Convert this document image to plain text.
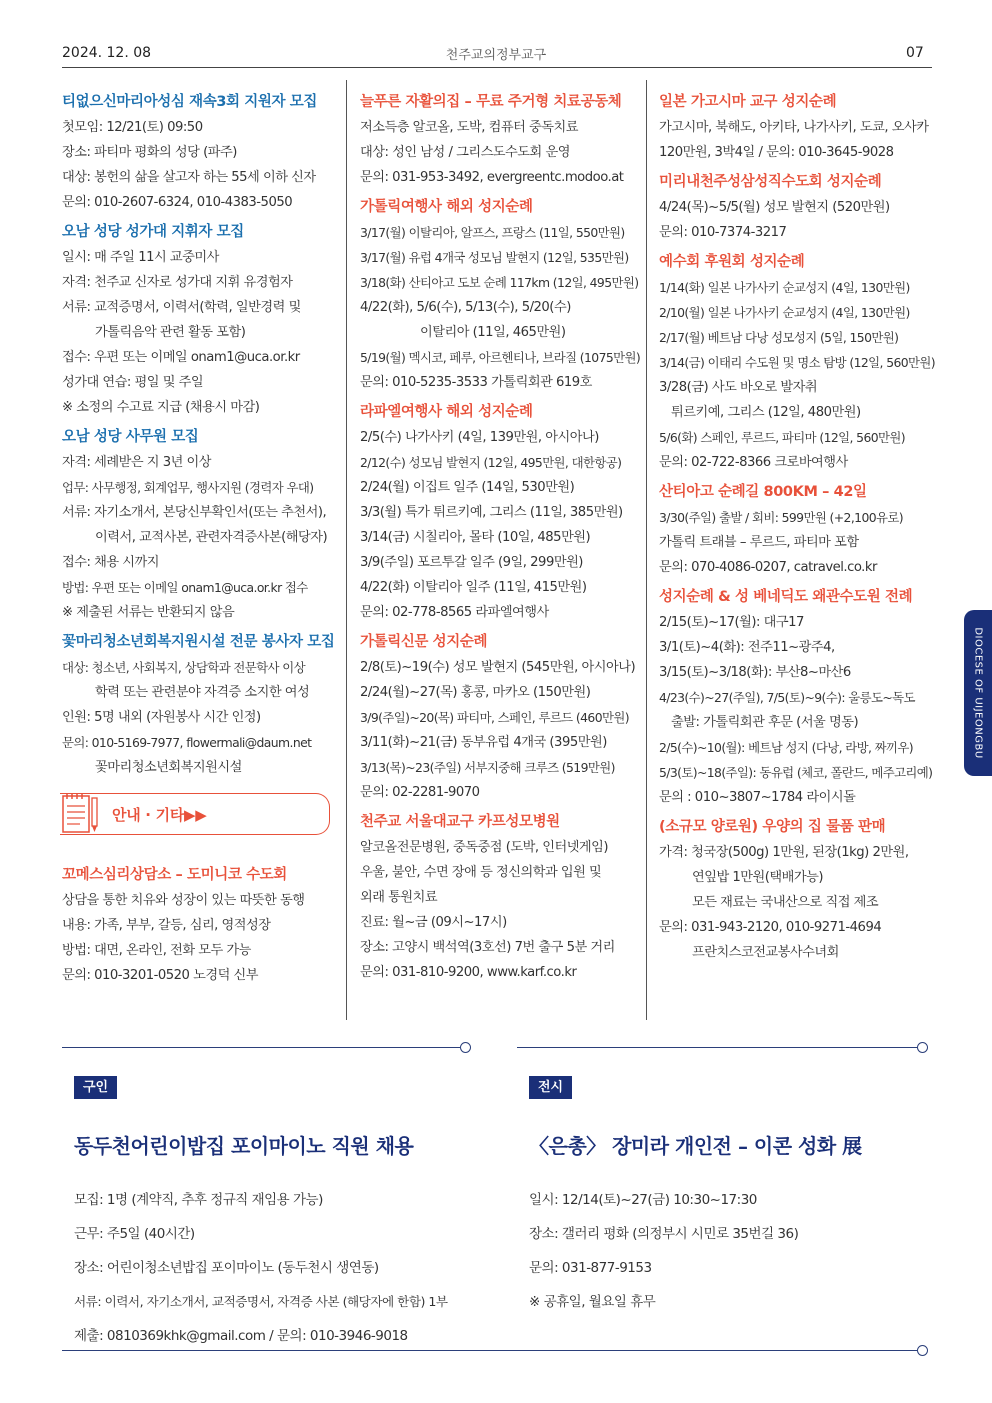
2024. 12. 08	천주교의정부교구	07
티없으신마리아성심 재속3회 지원자 모집
첫모임: 12/21(토) 09:50
장소: 파티마 평화의 성당 (파주)
대상: 봉헌의 삶을 살고자 하는 55세 이하 신자
문의: 010-2607-6324, 010-4383-5050
오남 성당 성가대 지휘자 모집
일시: 매 주일 11시 교중미사
자격: 천주교 신자로 성가대 지휘 유경험자
서류: 교적증명서, 이력서(학력, 일반경력 및
가톨릭음악 관련 활동 포함)
접수: 우편 또는 이메일 onam1@uca.or.kr
성가대 연습: 평일 및 주일
※ 소정의 수고료 지급 (채용시 마감)
오남 성당 사무원 모집
자격: 세례받은 지 3년 이상
업무: 사무행정, 회계업무, 행사지원 (경력자 우대)
서류: 자기소개서, 본당신부확인서(또는 추천서),
이력서, 교적사본, 관련자격증사본(해당자)
접수: 채용 시까지
방법: 우편 또는 이메일 onam1@uca.or.kr 접수
※ 제출된 서류는 반환되지 않음
꽃마리청소년회복지원시설 전문 봉사자 모집
대상: 청소년, 사회복지, 상담학과 전문학사 이상
학력 또는 관련분야 자격증 소지한 여성
인원: 5명 내외 (자원봉사 시간 인정)
문의: 010-5169-7977, flowermali@daum.net
꽃마리청소년회복지원시설
안내 · 기타▶▶
꼬메스심리상담소 – 도미니코 수도회
상담을 통한 치유와 성장이 있는 따뜻한 동행
내용: 가족, 부부, 갈등, 심리, 영적성장
방법: 대면, 온라인, 전화 모두 가능
문의: 010-3201-0520 노경덕 신부
늘푸른 자활의집 – 무료 주거형 치료공동체
저소득층 알코올, 도박, 컴퓨터 중독치료
대상: 성인 남성 / 그리스도수도회 운영
문의: 031-953-3492, evergreentc.modoo.at
가톨릭여행사 해외 성지순례
3/17(월) 이탈리아, 알프스, 프랑스 (11일, 550만원)
3/17(월) 유럽 4개국 성모님 발현지 (12일, 535만원)
3/18(화) 산티아고 도보 순례 117km (12일, 495만원)
4/22(화), 5/6(수), 5/13(수), 5/20(수)
이탈리아 (11일, 465만원)
5/19(월) 멕시코, 페루, 아르헨티나, 브라질 (1075만원)
문의: 010-5235-3533 가톨릭회관 619호
라파엘여행사 해외 성지순례
2/5(수) 나가사키 (4일, 139만원, 아시아나)
2/12(수) 성모님 발현지 (12일, 495만원, 대한항공)
2/24(월) 이집트 일주 (14일, 530만원)
3/3(월) 특가 튀르키예, 그리스 (11일, 385만원)
3/14(금) 시칠리아, 몰타 (10일, 485만원)
3/9(주일) 포르투갈 일주 (9일, 299만원)
4/22(화) 이탈리아 일주 (11일, 415만원)
문의: 02-778-8565 라파엘여행사
가톨릭신문 성지순례
2/8(토)~19(수) 성모 발현지 (545만원, 아시아나)
2/24(월)~27(목) 홍콩, 마카오 (150만원)
3/9(주일)~20(목) 파티마, 스페인, 루르드 (460만원)
3/11(화)~21(금) 동부유럽 4개국 (395만원)
3/13(목)~23(주일) 서부지중해 크루즈 (519만원)
문의: 02-2281-9070
천주교 서울대교구 카프성모병원
알코올전문병원, 중독중점 (도박, 인터넷게임)
우울, 불안, 수면 장애 등 정신의학과 입원 및
외래 통원치료
진료: 월~금 (09시~17시)
장소: 고양시 백석역(3호선) 7번 출구 5분 거리
문의: 031-810-9200, www.karf.co.kr
일본 가고시마 교구 성지순례
가고시마, 북해도, 아키타, 나가사키, 도쿄, 오사카
120만원, 3박4일 / 문의: 010-3645-9028
미리내천주성삼성직수도회 성지순례
4/24(목)~5/5(월) 성모 발현지 (520만원)
문의: 010-7374-3217
예수회 후원회 성지순례
1/14(화) 일본 나가사키 순교성지 (4일, 130만원)
2/10(월) 일본 나가사키 순교성지 (4일, 130만원)
2/17(월) 베트남 다낭 성모성지 (5일, 150만원)
3/14(금) 이태리 수도원 및 명소 탐방 (12일, 560만원)
3/28(금) 사도 바오로 발자취
튀르키예, 그리스 (12일, 480만원)
5/6(화) 스페인, 루르드, 파티마 (12일, 560만원)
문의: 02-722-8366 크로바여행사
산티아고 순례길 800KM – 42일
3/30(주일) 출발 / 회비: 599만원 (+2,100유로)
가톨릭 트래블 – 루르드, 파티마 포함
문의: 070-4086-0207, catravel.co.kr
성지순례 & 성 베네딕도 왜관수도원 전례
2/15(토)~17(월): 대구17
3/1(토)~4(화): 전주11~광주4,
3/15(토)~3/18(화): 부산8~마산6
4/23(수)~27(주일), 7/5(토)~9(수): 울릉도~독도
출발: 가톨릭회관 후문 (서울 명동)
2/5(수)~10(월): 베트남 성지 (다낭, 라방, 짜끼우)
5/3(토)~18(주일): 동유럽 (체코, 폴란드, 메주고리예)
문의 : 010~3807~1784 라이시돌
(소규모 양로원) 우양의 집 물품 판매
가격: 청국장(500g) 1만원, 된장(1kg) 2만원,
연잎밥 1만원(택배가능)
모든 재료는 국내산으로 직접 제조
문의: 031-943-2120, 010-9271-4694
프란치스코전교봉사수녀회
DIOCESE OF UIJEONGBU
구인
동두천어린이밥집 포이마이노 직원 채용
모집: 1명 (계약직, 추후 정규직 재임용 가능)
근무: 주5일 (40시간)
장소: 어린이청소년밥집 포이마이노 (동두천시 생연동)
서류: 이력서, 자기소개서, 교적증명서, 자격증 사본 (해당자에 한함) 1부
제출: 0810369khk@gmail.com / 문의: 010-3946-9018
전시
〈은총〉 장미라 개인전 – 이콘 성화 展
일시: 12/14(토)~27(금) 10:30~17:30
장소: 갤러리 평화 (의정부시 시민로 35번길 36)
문의: 031-877-9153
※ 공휴일, 월요일 휴무
